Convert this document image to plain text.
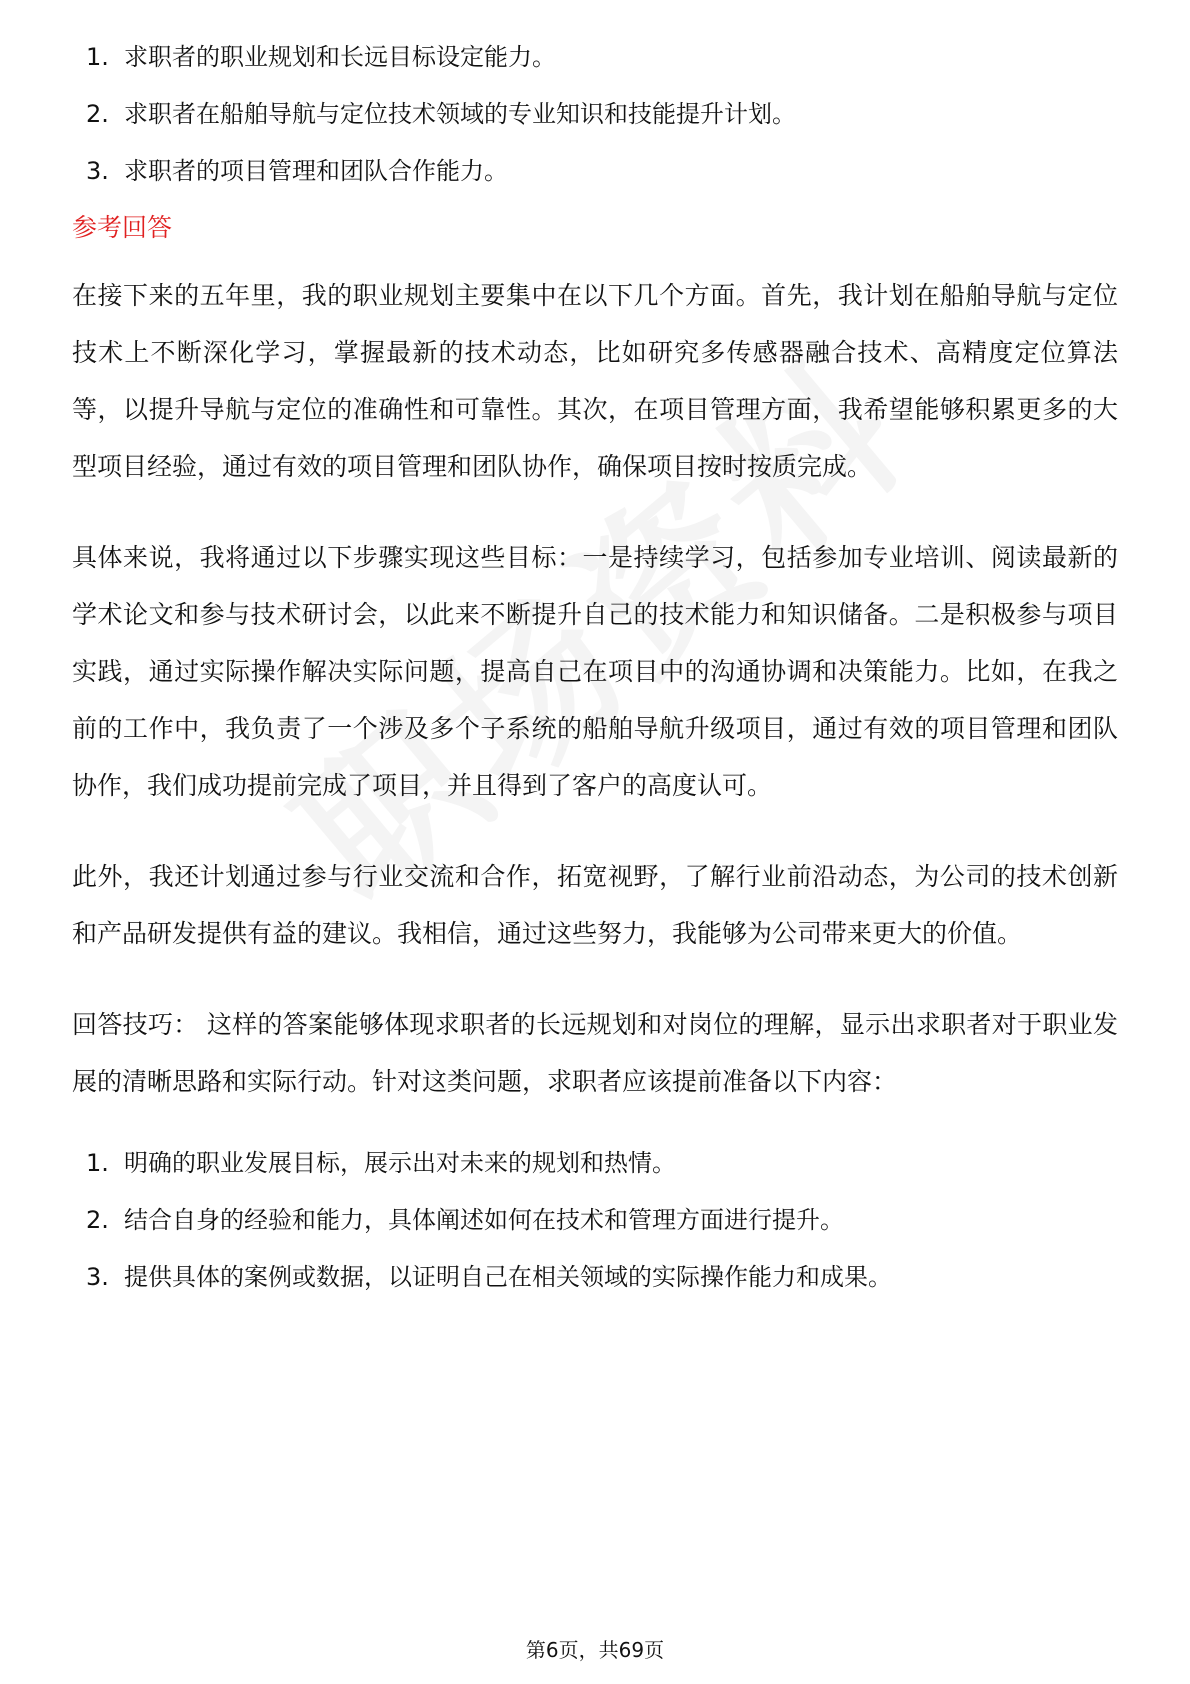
1. 求职者的职业规划和长远目标设定能力。
2. 求职者在船舶导航与定位技术领域的专业知识和技能提升计划。
3. 求职者的项目管理和团队合作能力。
参考回答

在接下来的五年里，我的职业规划主要集中在以下几个方面。首先，我计划在船舶导航与定位技术上不断深化学习，掌握最新的技术动态，比如研究多传感器融合技术、高精度定位算法等，以提升导航与定位的准确性和可靠性。其次，在项目管理方面，我希望能够积累更多的大型项目经验，通过有效的项目管理和团队协作，确保项目按时按质完成。

具体来说，我将通过以下步骤实现这些目标：一是持续学习，包括参加专业培训、阅读最新的学术论文和参与技术研讨会，以此来不断提升自己的技术能力和知识储备。二是积极参与项目实践，通过实际操作解决实际问题，提高自己在项目中的沟通协调和决策能力。比如，在我之前的工作中，我负责了一个涉及多个子系统的船舶导航升级项目，通过有效的项目管理和团队协作，我们成功提前完成了项目，并且得到了客户的高度认可。

此外，我还计划通过参与行业交流和合作，拓宽视野，了解行业前沿动态，为公司的技术创新和产品研发提供有益的建议。我相信，通过这些努力，我能够为公司带来更大的价值。

回答技巧： 这样的答案能够体现求职者的长远规划和对岗位的理解，显示出求职者对于职业发展的清晰思路和实际行动。针对这类问题，求职者应该提前准备以下内容：

1. 明确的职业发展目标，展示出对未来的规划和热情。
2. 结合自身的经验和能力，具体阐述如何在技术和管理方面进行提升。
3. 提供具体的案例或数据，以证明自己在相关领域的实际操作能力和成果。
第6页，共69页
